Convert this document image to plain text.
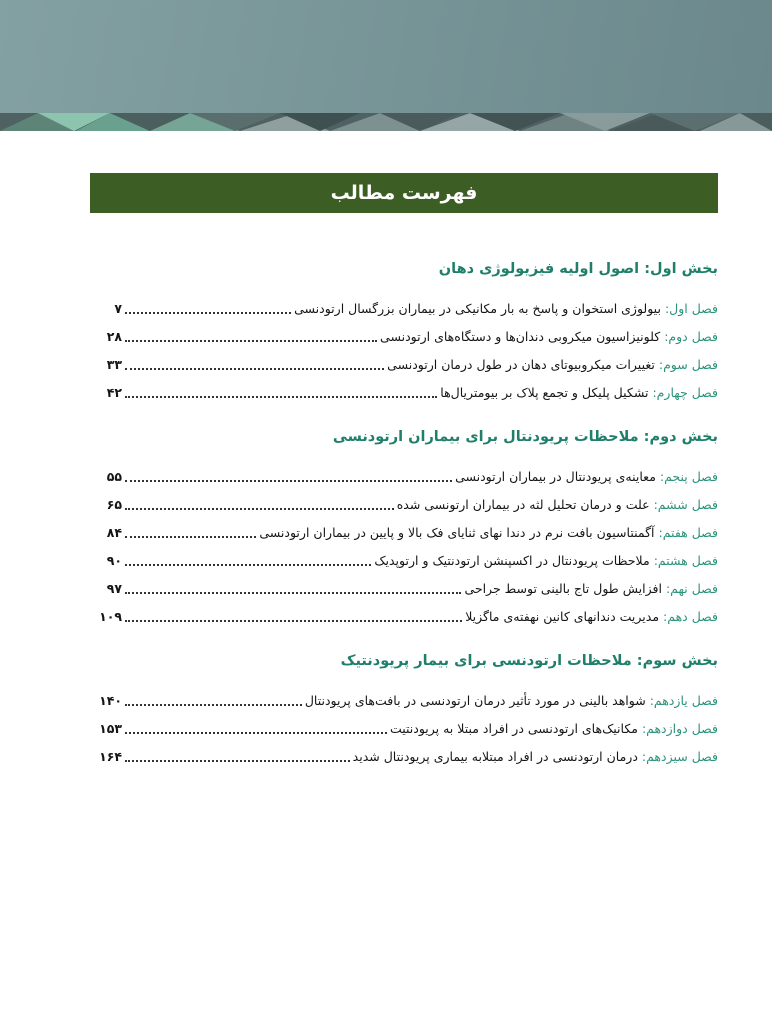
فهرست مطالب
بخش اول: اصول اولیه فیزیولوژی دهان
فصل اول:بیولوژی استخوان و پاسخ به بار مکانیکی در بیماران بزرگسال ارتودنسی
۷
فصل دوم:کلونیزاسیون میکروبی دندان‌ها و دستگاه‌های ارتودنسی
۲۸
فصل سوم:تغییرات میکروبیوتای دهان در طول درمان ارتودنسی
۳۳
فصل چهارم:تشکیل پلیکل و تجمع پلاک بر بیومتریال‌ها
۴۲
بخش دوم: ملاحظات پریودنتال برای بیماران ارتودنسی
فصل پنجم:معاینه‌ی پریودنتال در بیماران ارتودنسی
۵۵
فصل ششم:علت و درمان تحلیل لثه در بیماران ارتونسی شده
۶۵
فصل هفتم:آگمنتاسیون بافت نرم در دندا نهای ثنایای فک بالا و پایین در بیماران ارتودنسی
۸۴
فصل هشتم:ملاحظات پریودنتال در اکسپنشن ارتودنتیک و ارتوپدیک
۹۰
فصل نهم:افزایش طول تاج بالینی توسط جراحی
۹۷
فصل دهم:مدیریت دندانهای کانین نهفته‌ی ماگزیلا
۱۰۹
بخش سوم: ملاحظات ارتودنسی برای بیمار پریودنتیک
فصل یازدهم:شواهد بالینی در مورد تأثیر درمان ارتودنسی در بافت‌های پریودنتال
۱۴۰
فصل دوازدهم:مکانیک‌های ارتودنسی در افراد مبتلا به پریودنتیت
۱۵۳
فصل سیزدهم:درمان ارتودنسی در افراد مبتلابه بیماری پریودنتال شدید
۱۶۴
